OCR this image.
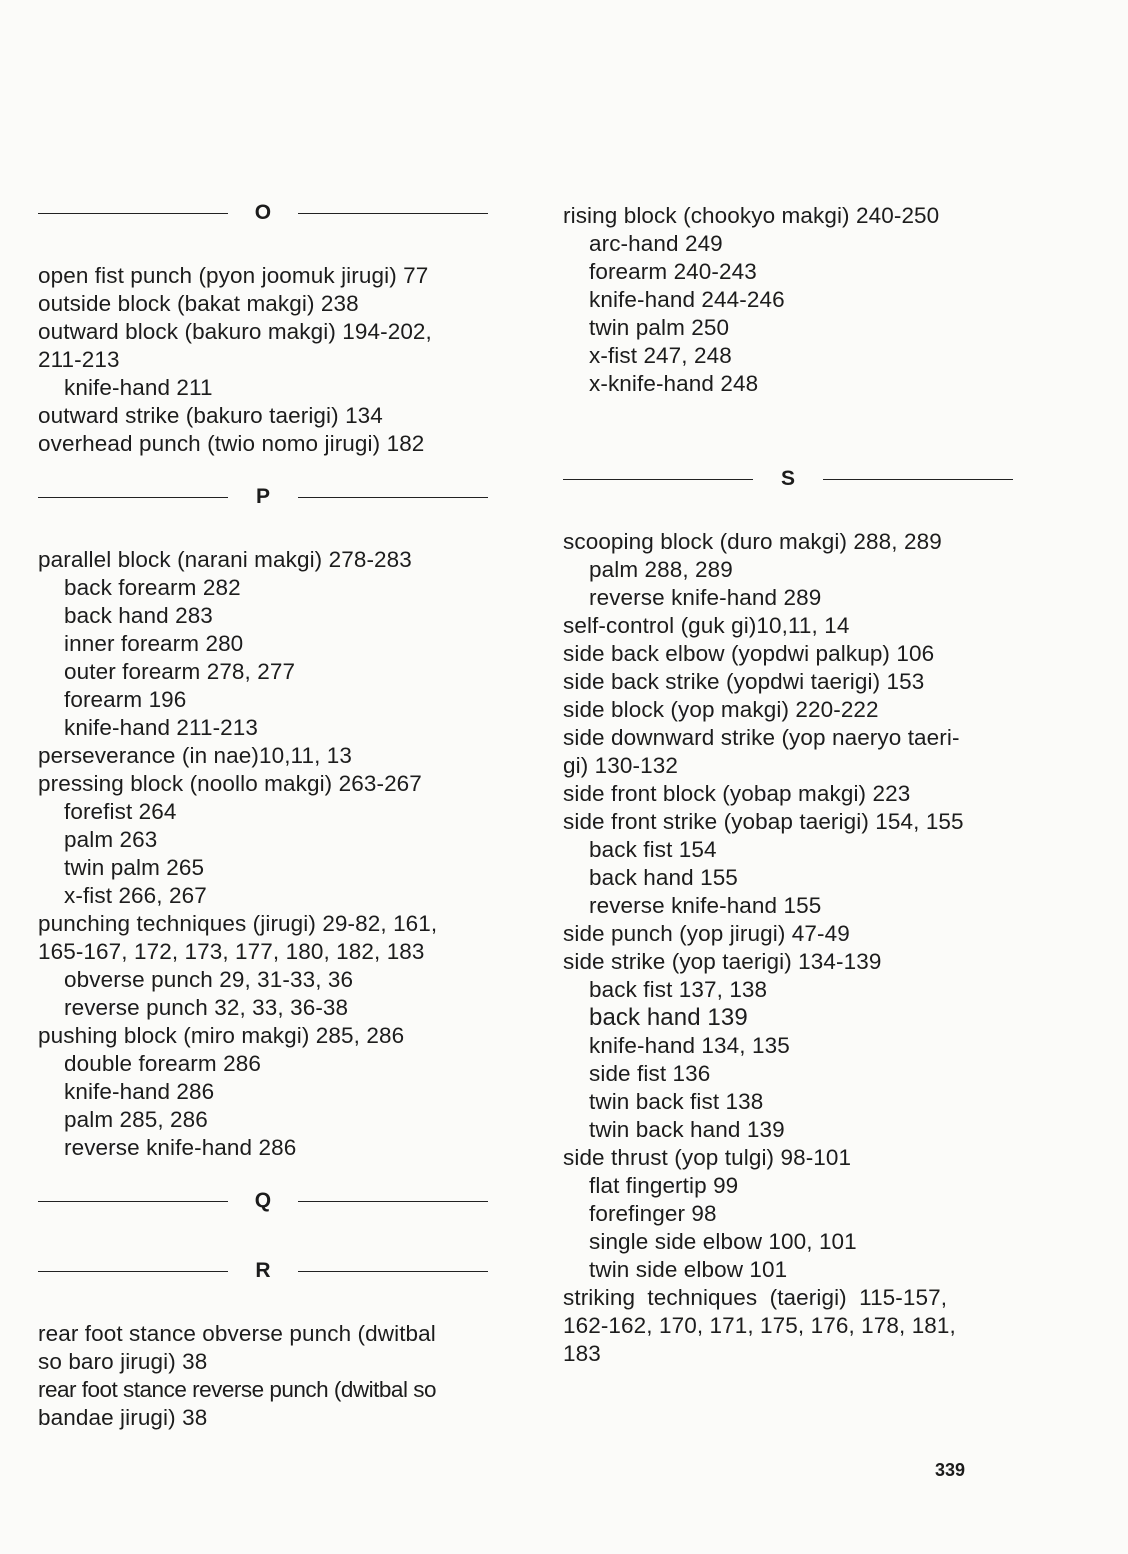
O
open fist punch (pyon joomuk jirugi) 77
outside block (bakat makgi) 238
outward block (bakuro makgi) 194-202,
211-213
knife-hand 211
outward strike (bakuro taerigi) 134
overhead punch (twio nomo jirugi) 182
P
parallel block (narani makgi) 278-283
back forearm 282
back hand 283
inner forearm 280
outer forearm 278, 277
forearm 196
knife-hand 211-213
perseverance (in nae)10,11, 13
pressing block (noollo makgi) 263-267
forefist 264
palm 263
twin palm 265
x-fist 266, 267
punching techniques (jirugi) 29-82, 161,
165-167, 172, 173, 177, 180, 182, 183
obverse punch 29, 31-33, 36
reverse punch 32, 33, 36-38
pushing block (miro makgi) 285, 286
double forearm 286
knife-hand 286
palm 285, 286
reverse knife-hand 286
Q
R
rear foot stance obverse punch (dwitbal
so baro jirugi) 38
rear foot stance reverse punch (dwitbal so
bandae jirugi) 38
rising block (chookyo makgi) 240-250
arc-hand 249
forearm 240-243
knife-hand 244-246
twin palm 250
x-fist 247, 248
x-knife-hand 248
S
scooping block (duro makgi) 288, 289
palm 288, 289
reverse knife-hand 289
self-control (guk gi)10,11, 14
side back elbow (yopdwi palkup) 106
side back strike (yopdwi taerigi) 153
side block (yop makgi) 220-222
side downward strike (yop naeryo taeri-
gi) 130-132
side front block (yobap makgi) 223
side front strike (yobap taerigi) 154, 155
back fist 154
back hand 155
reverse knife-hand 155
side punch (yop jirugi) 47-49
side strike (yop taerigi) 134-139
back fist 137, 138
back hand 139
knife-hand 134, 135
side fist 136
twin back fist 138
twin back hand 139
side thrust (yop tulgi) 98-101
flat fingertip 99
forefinger 98
single side elbow 100, 101
twin side elbow 101
striking techniques (taerigi) 115-157,
162-162, 170, 171, 175, 176, 178, 181,
183
339
